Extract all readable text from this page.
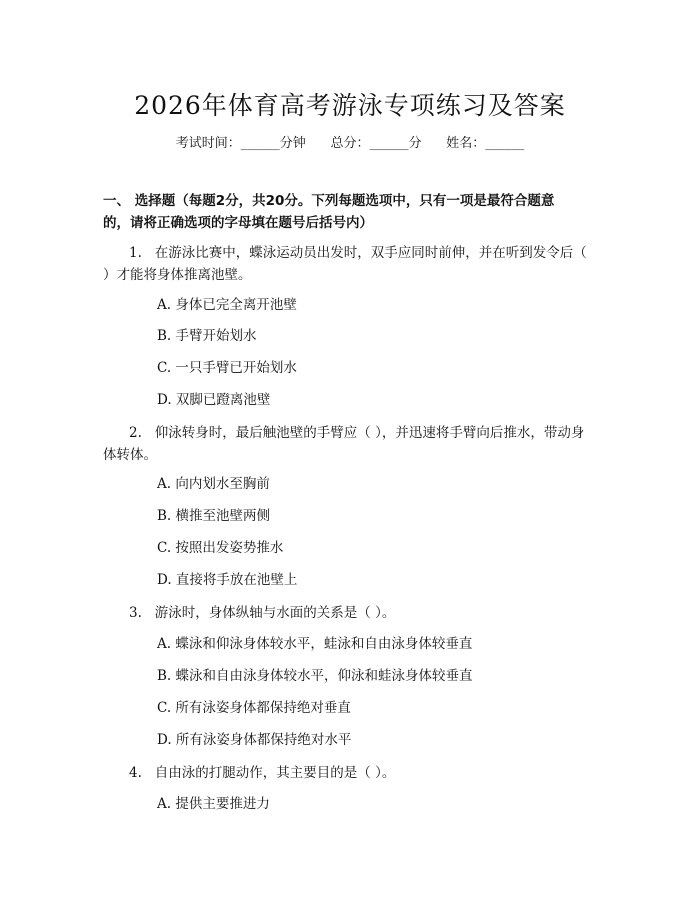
2026年体育高考游泳专项练习及答案
考试时间：______分钟      总分：______分      姓名：______
一、 选择题（每题2分，共20分。下列每题选项中，只有一项是最符合题意的，请将正确选项的字母填在题号后括号内）
1. 在游泳比赛中，蝶泳运动员出发时，双手应同时前伸，并在听到发令后（ ）才能将身体推离池壁。
A. 身体已完全离开池壁
B. 手臂开始划水
C. 一只手臂已开始划水
D. 双脚已蹬离池壁
2. 仰泳转身时，最后触池壁的手臂应（ ），并迅速将手臂向后推水，带动身体转体。
A. 向内划水至胸前
B. 横推至池壁两侧
C. 按照出发姿势推水
D. 直接将手放在池壁上
3. 游泳时，身体纵轴与水面的关系是（ ）。
A. 蝶泳和仰泳身体较水平，蛙泳和自由泳身体较垂直
B. 蝶泳和自由泳身体较水平，仰泳和蛙泳身体较垂直
C. 所有泳姿身体都保持绝对垂直
D. 所有泳姿身体都保持绝对水平
4. 自由泳的打腿动作，其主要目的是（ ）。
A. 提供主要推进力
